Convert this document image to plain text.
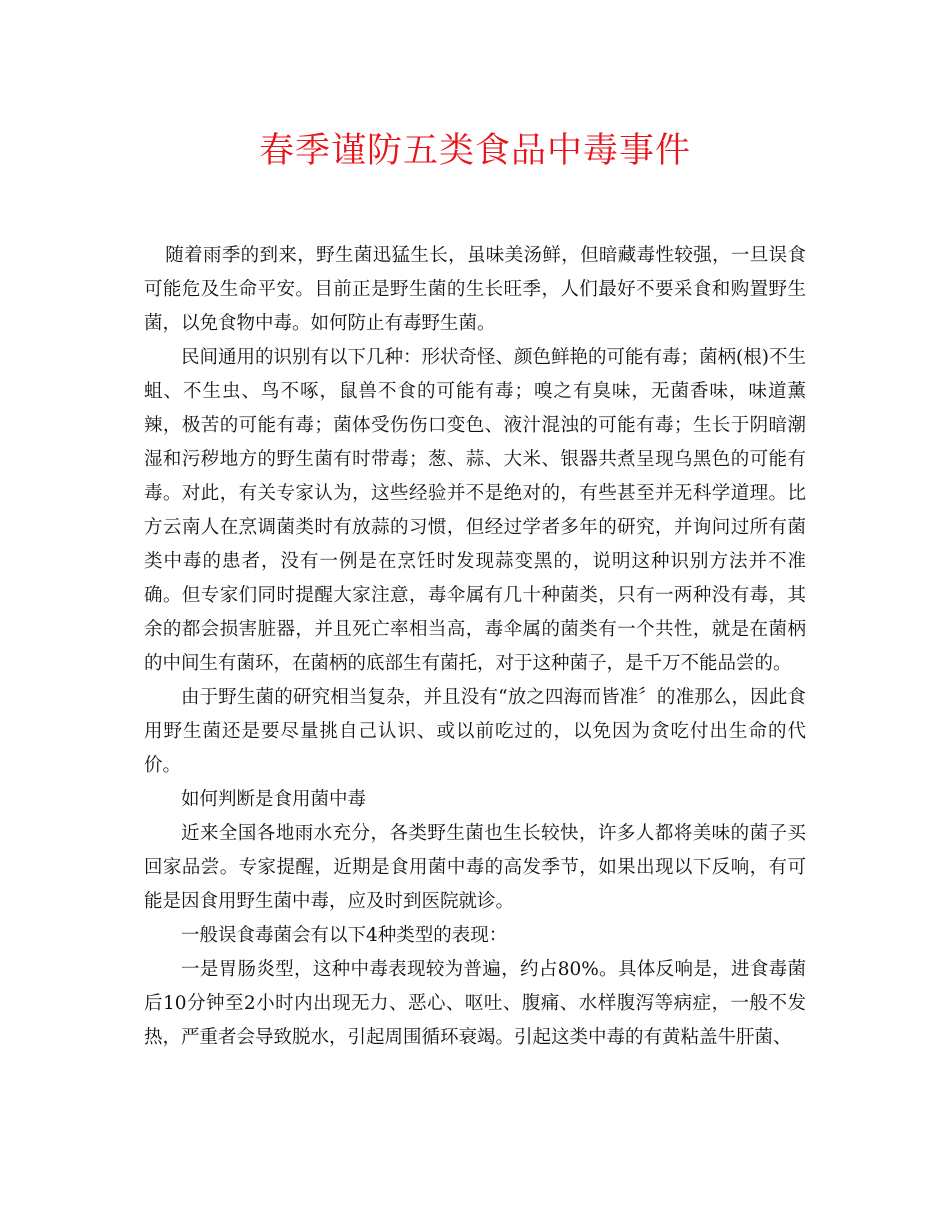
春季谨防五类食品中毒事件

随着雨季的到来，野生菌迅猛生长，虽味美汤鲜，但暗藏毒性较强，一旦误食可能危及生命平安。目前正是野生菌的生长旺季，人们最好不要采食和购置野生菌，以免食物中毒。如何防止有毒野生菌。

民间通用的识别有以下几种：形状奇怪、颜色鲜艳的可能有毒；菌柄(根)不生蛆、不生虫、鸟不啄，鼠兽不食的可能有毒；嗅之有臭味，无菌香味，味道薰辣，极苦的可能有毒；菌体受伤伤口变色、液汁混浊的可能有毒；生长于阴暗潮湿和污秽地方的野生菌有时带毒；葱、蒜、大米、银器共煮呈现乌黑色的可能有毒。对此，有关专家认为，这些经验并不是绝对的，有些甚至并无科学道理。比方云南人在烹调菌类时有放蒜的习惯，但经过学者多年的研究，并询问过所有菌类中毒的患者，没有一例是在烹饪时发现蒜变黑的，说明这种识别方法并不准确。但专家们同时提醒大家注意，毒伞属有几十种菌类，只有一两种没有毒，其余的都会损害脏器，并且死亡率相当高，毒伞属的菌类有一个共性，就是在菌柄的中间生有菌环，在菌柄的底部生有菌托，对于这种菌子，是千万不能品尝的。

由于野生菌的研究相当复杂，并且没有“放之四海而皆准〞的准那么，因此食用野生菌还是要尽量挑自己认识、或以前吃过的，以免因为贪吃付出生命的代价。

如何判断是食用菌中毒

近来全国各地雨水充分，各类野生菌也生长较快，许多人都将美味的菌子买回家品尝。专家提醒，近期是食用菌中毒的高发季节，如果出现以下反响，有可能是因食用野生菌中毒，应及时到医院就诊。

一般误食毒菌会有以下4种类型的表现：

一是胃肠炎型，这种中毒表现较为普遍，约占80%。具体反响是，进食毒菌后10分钟至2小时内出现无力、恶心、呕吐、腹痛、水样腹泻等病症，一般不发热，严重者会导致脱水，引起周围循环衰竭。引起这类中毒的有黄粘盖牛肝菌、
